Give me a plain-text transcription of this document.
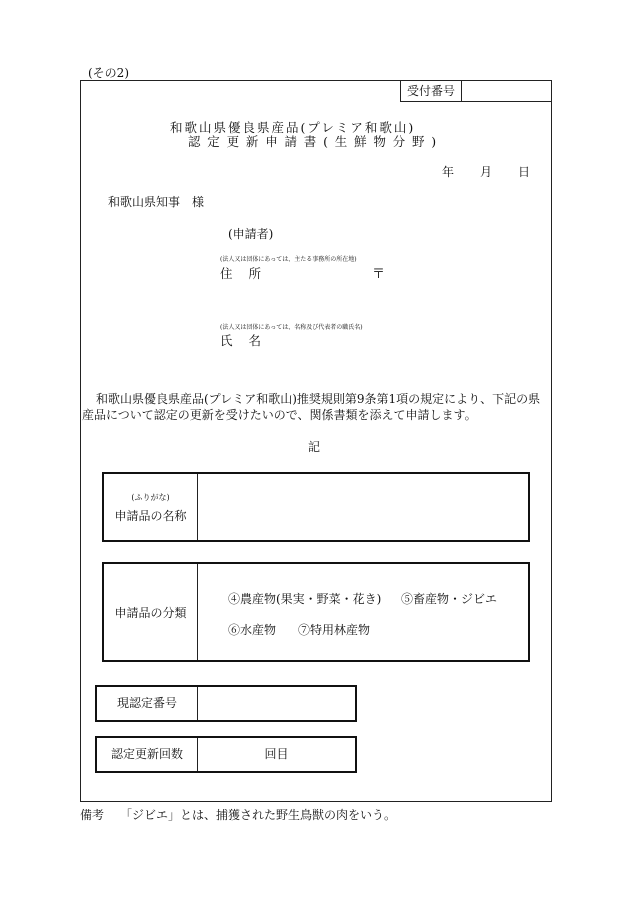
(その2)
受付番号
和歌山県優良県産品(プレミア和歌山)
認定更新申請書(生鮮物分野)
年 月 日
和歌山県知事　様
(申請者)
(法人又は団体にあっては、主たる事務所の所在地)
住所	〒
(法人又は団体にあっては、名称及び代表者の職氏名)
氏名
和歌山県優良県産品(プレミア和歌山)推奨規則第9条第1項の規定により、下記の県産品について認定の更新を受けたいので、関係書類を添えて申請します。
記
(ふりがな)
申請品の名称
申請品の分類
④農産物(果実・野菜・花き) ⑤畜産物・ジビエ
⑥水産物 ⑦特用林産物
現認定番号
認定更新回数	回目
備考 「ジビエ」とは、捕獲された野生鳥獣の肉をいう。
